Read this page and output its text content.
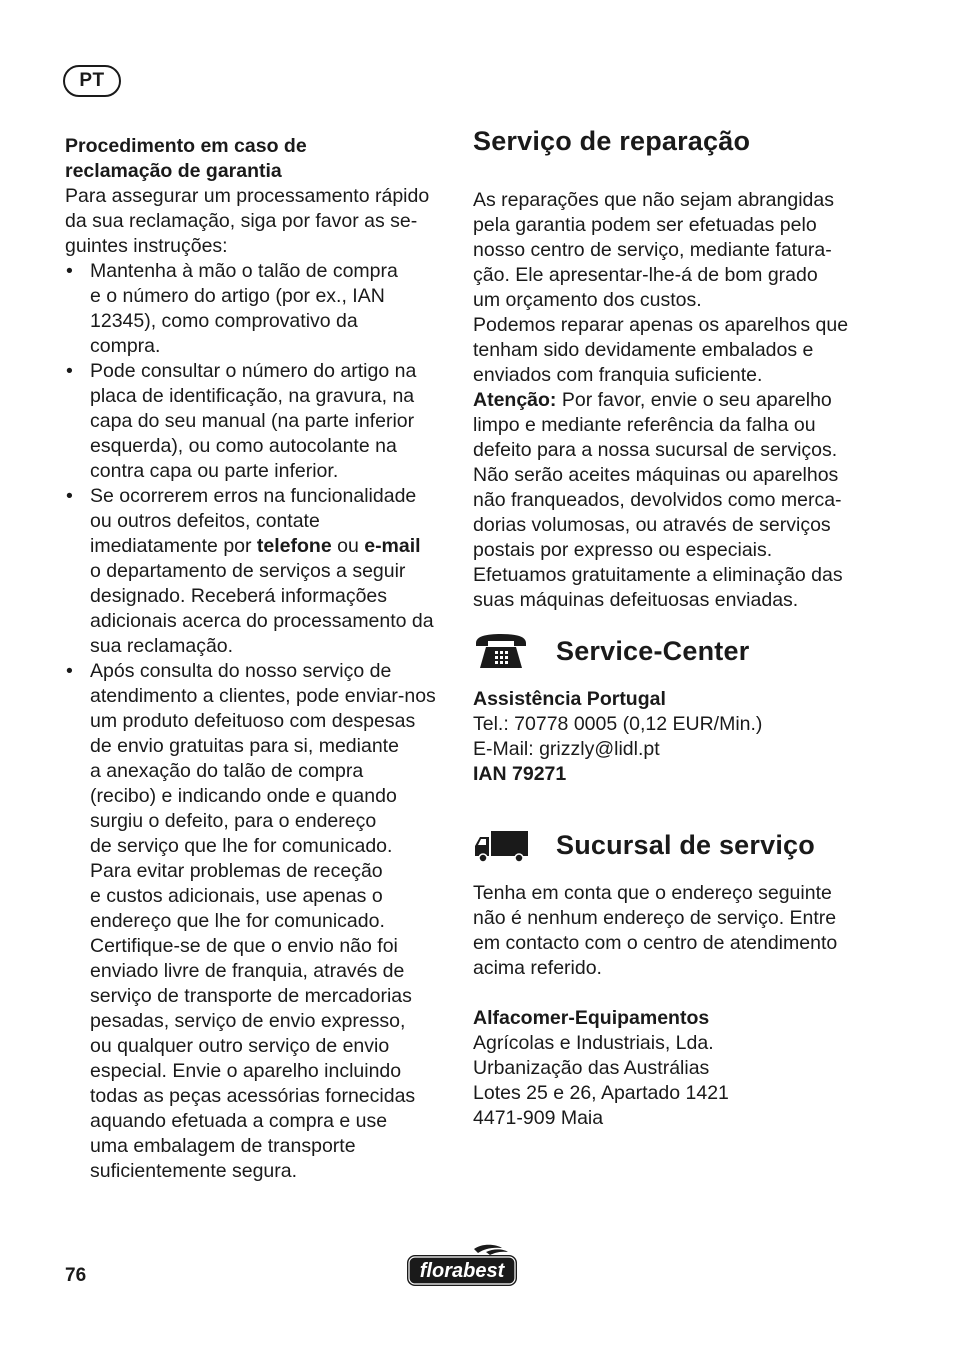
PT

Procedimento em caso de

reclamação de garantia

Para assegurar um processamento rápido

da sua reclamação, siga por favor as se-

guintes instruções:

• Mantenha à mão o talão de compra
e o número do artigo (por ex., IAN
12345), como comprovativo da
compra.
• Pode consultar o número do artigo na
placa de identificação, na gravura, na
capa do seu manual (na parte inferior
esquerda), ou como autocolante na
contra capa ou parte inferior.
• Se ocorrerem erros na funcionalidade
ou outros defeitos, contate
imediatamente por telefone ou e-mail
o departamento de serviços a seguir
designado. Receberá informações
adicionais acerca do processamento da
sua reclamação.
• Após consulta do nosso serviço de
atendimento a clientes, pode enviar-nos
um produto defeituoso com despesas
de envio gratuitas para si, mediante
a anexação do talão de compra
(recibo) e indicando onde e quando
surgiu o defeito, para o endereço
de serviço que lhe for comunicado.
Para evitar problemas de receção
e custos adicionais, use apenas o
endereço que lhe for comunicado.
Certifique-se de que o envio não foi
enviado livre de franquia, através de
serviço de transporte de mercadorias
pesadas, serviço de envio expresso,
ou qualquer outro serviço de envio
especial. Envie o aparelho incluindo
todas as peças acessórias fornecidas
aquando efetuada a compra e use
uma embalagem de transporte
suficientemente segura.
Serviço de reparação

As reparações que não sejam abrangidas

pela garantia podem ser efetuadas pelo

nosso centro de serviço, mediante fatura-

ção. Ele apresentar-lhe-á de bom grado

um orçamento dos custos.

Podemos reparar apenas os aparelhos que

tenham sido devidamente embalados e

enviados com franquia suficiente.

Atenção: Por favor, envie o seu aparelho

limpo e mediante referência da falha ou

defeito para a nossa sucursal de serviços.

Não serão aceites máquinas ou aparelhos

não franqueados, devolvidos como merca-

dorias volumosas, ou através de serviços

postais por expresso ou especiais.

Efetuamos gratuitamente a eliminação das

suas máquinas defeituosas enviadas.

Service-Center

Assistência Portugal

Tel.: 70778 0005 (0,12 EUR/Min.)

E-Mail: grizzly@lidl.pt

IAN 79271

Sucursal de serviço

Tenha em conta que o endereço seguinte

não é nenhum endereço de serviço. Entre

em contacto com o centro de atendimento

acima referido.

Alfacomer-Equipamentos

Agrícolas e Industriais, Lda.

Urbanização das Austrálias

Lotes 25 e 26, Apartado 1421

4471-909 Maia

76	florabest
